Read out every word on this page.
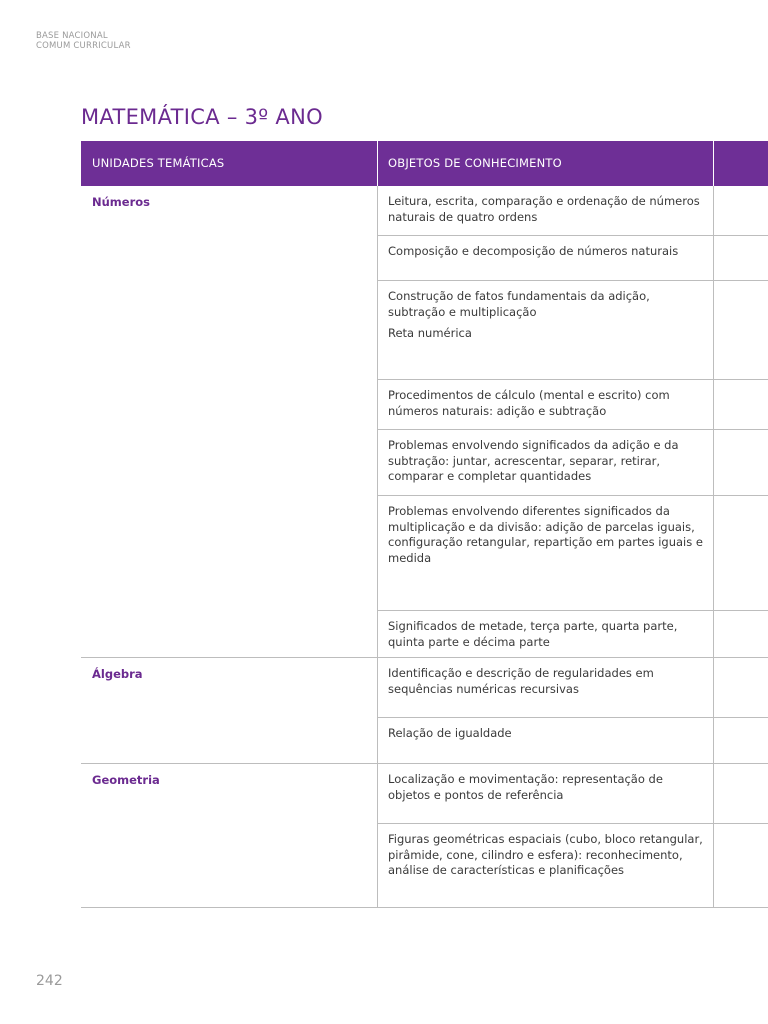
BASE NACIONAL
COMUM CURRICULAR
MATEMÁTICA – 3º ANO
UNIDADES TEMÁTICAS	OBJETOS DE CONHECIMENTO

Leitura, escrita, comparação e ordenação de números naturais de quatro ordens

Composição e decomposição de números naturais

Construção de fatos fundamentais da adição, subtração e multiplicação

Reta numérica

Procedimentos de cálculo (mental e escrito) com números naturais: adição e subtração

Problemas envolvendo significados da adição e da subtração: juntar, acrescentar, separar, retirar, comparar e completar quantidades

Problemas envolvendo diferentes significados da multiplicação e da divisão: adição de parcelas iguais, configuração retangular, repartição em partes iguais e medida

Significados de metade, terça parte, quarta parte, quinta parte e décima parte

Números

Identificação e descrição de regularidades em sequências numéricas recursivas

Relação de igualdade

Álgebra

Localização e movimentação: representação de objetos e pontos de referência

Figuras geométricas espaciais (cubo, bloco retangular, pirâmide, cone, cilindro e esfera): reconhecimento, análise de características e planificações

Geometria
242
